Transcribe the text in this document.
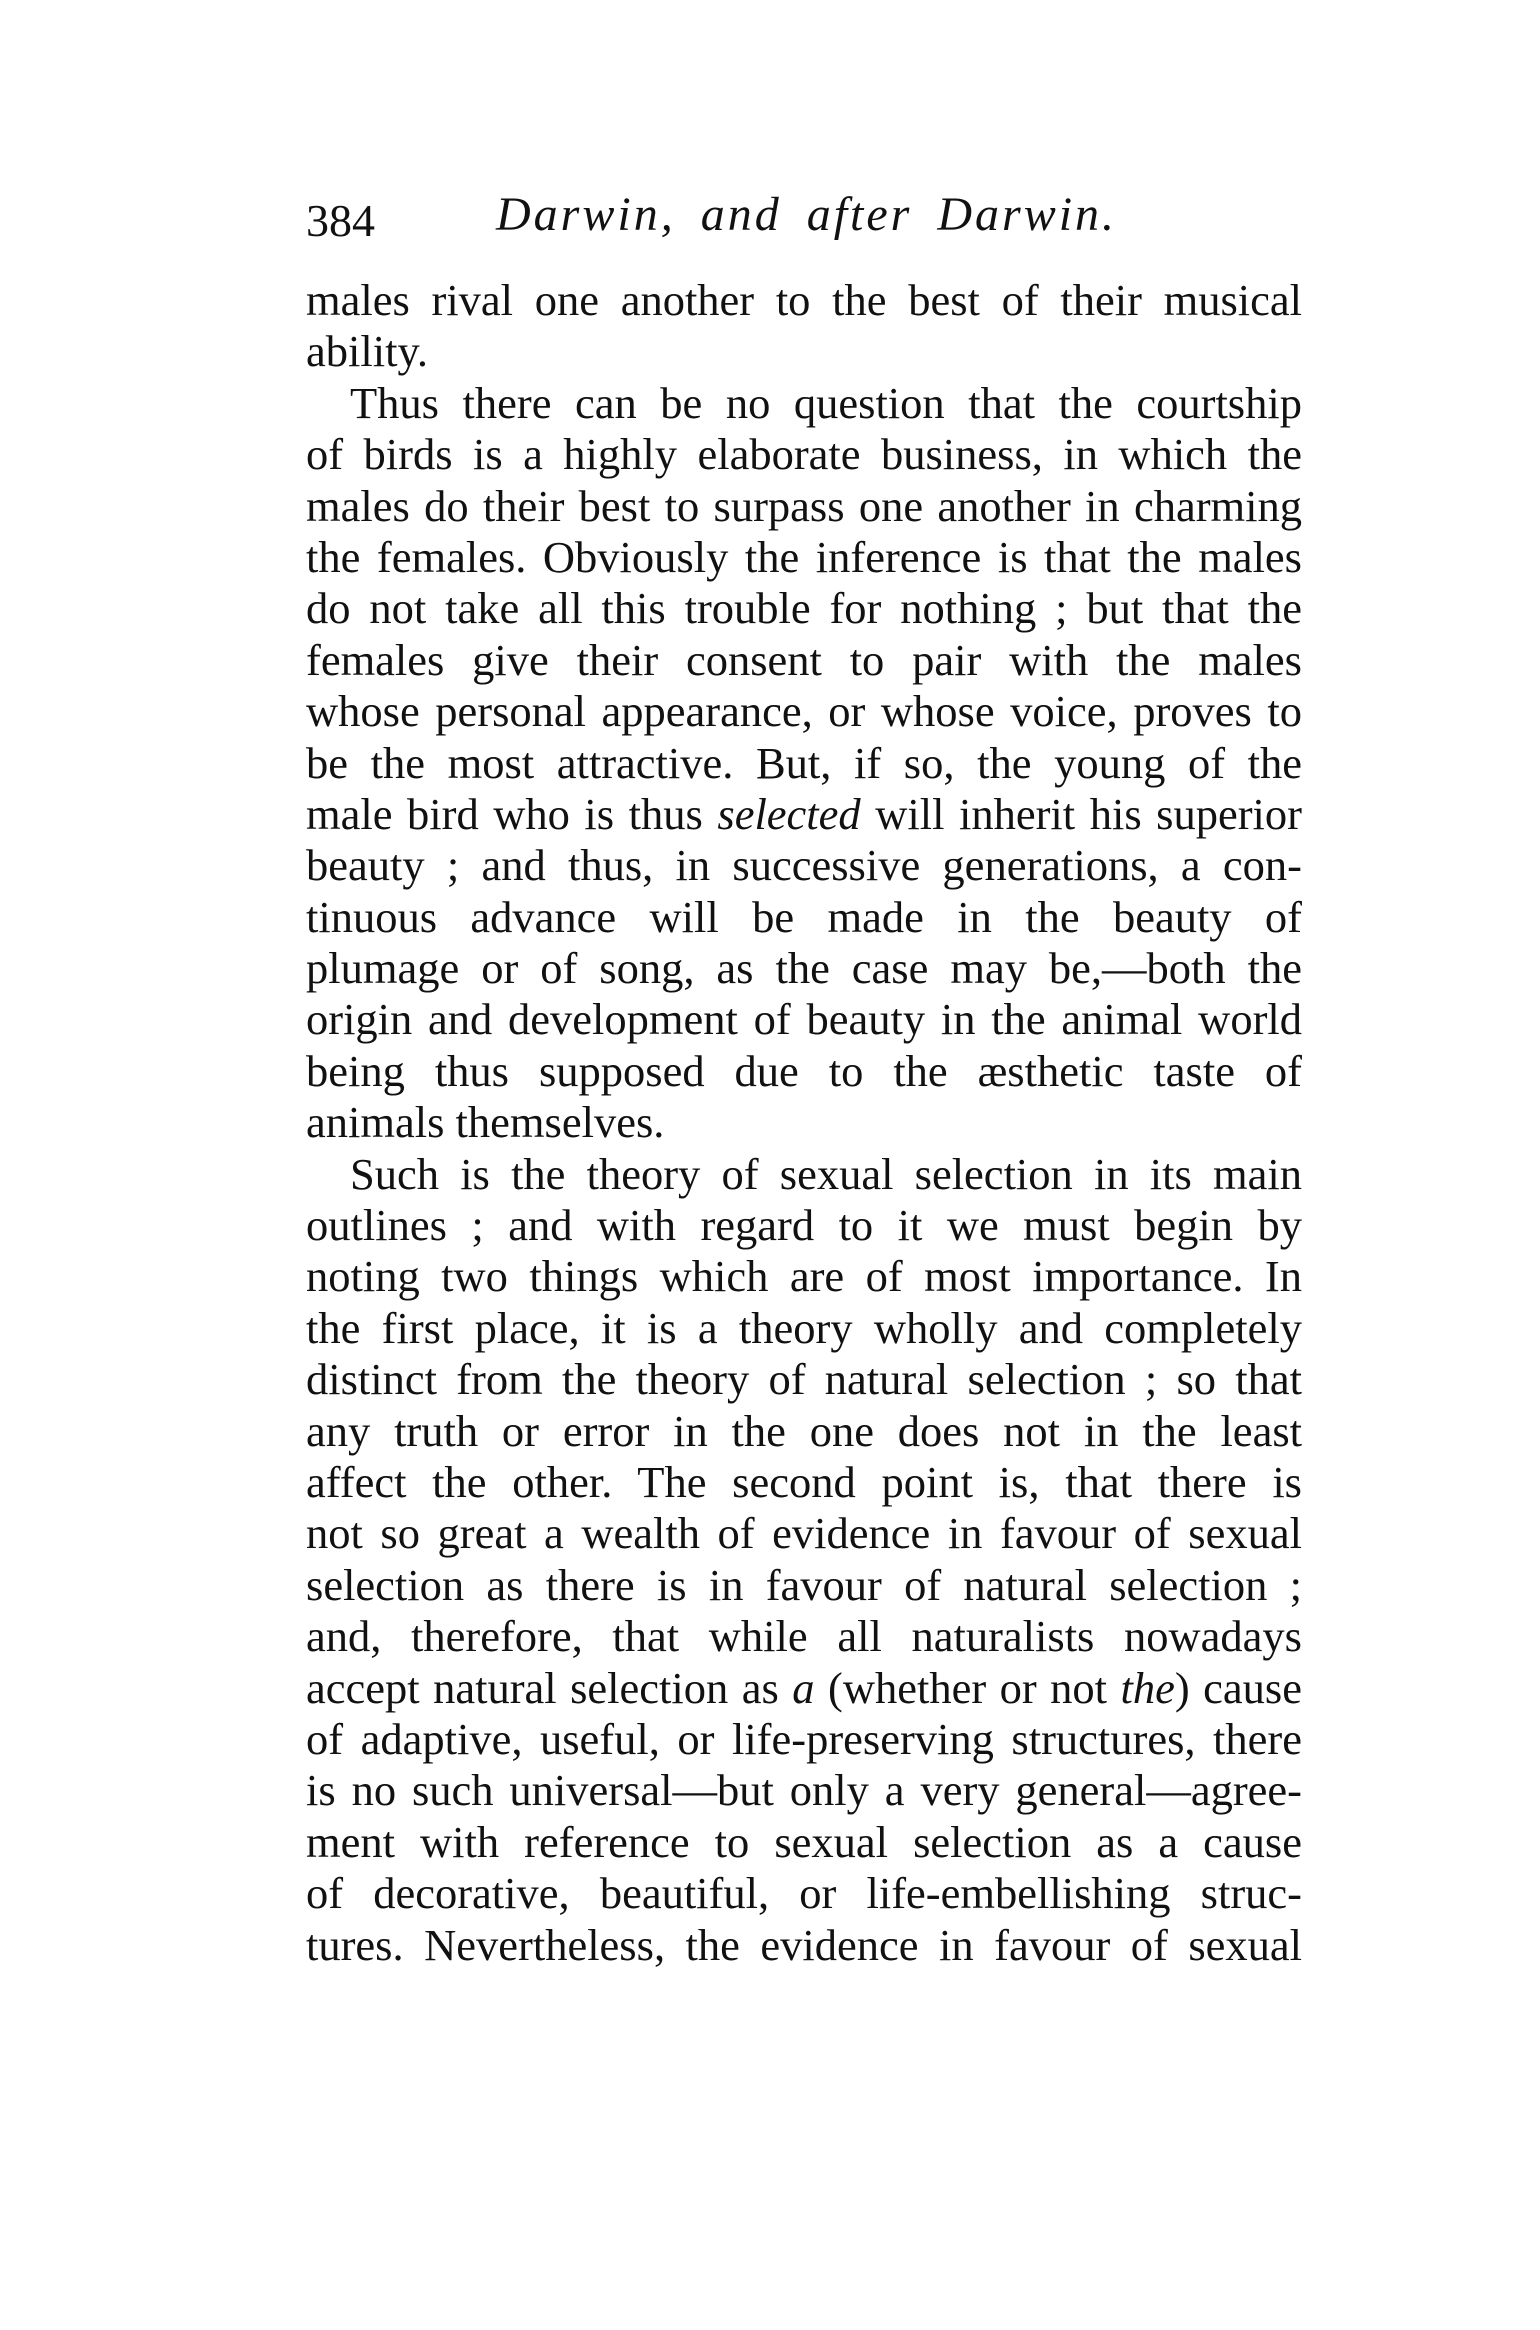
384	Darwin, and after Darwin.
males rival one another to the best of their musical
ability.
Thus there can be no question that the courtship
of birds is a highly elaborate business, in which the
males do their best to surpass one another in charming
the females. Obviously the inference is that the males
do not take all this trouble for nothing ; but that the
females give their consent to pair with the males
whose personal appearance, or whose voice, proves to
be the most attractive. But, if so, the young of the
male bird who is thus selected will inherit his superior
beauty ; and thus, in successive generations, a con-
tinuous advance will be made in the beauty of
plumage or of song, as the case may be,—both the
origin and development of beauty in the animal world
being thus supposed due to the æsthetic taste of
animals themselves.
Such is the theory of sexual selection in its main
outlines ; and with regard to it we must begin by
noting two things which are of most importance. In
the first place, it is a theory wholly and completely
distinct from the theory of natural selection ; so that
any truth or error in the one does not in the least
affect the other. The second point is, that there is
not so great a wealth of evidence in favour of sexual
selection as there is in favour of natural selection ;
and, therefore, that while all naturalists nowadays
accept natural selection as a (whether or not the) cause
of adaptive, useful, or life-preserving structures, there
is no such universal—but only a very general—agree-
ment with reference to sexual selection as a cause
of decorative, beautiful, or life-embellishing struc-
tures. Nevertheless, the evidence in favour of sexual
